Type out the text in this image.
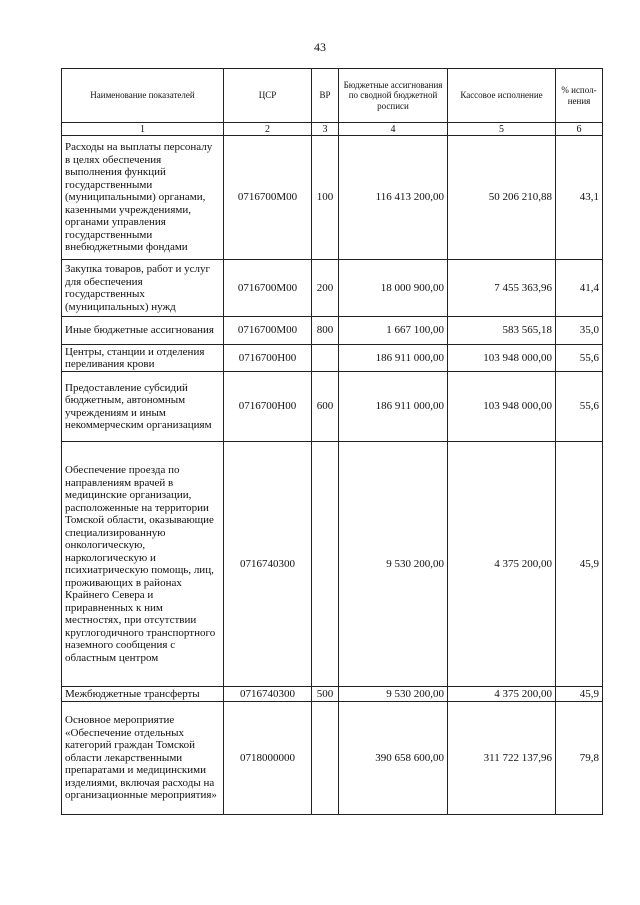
43
Наименование показателей	ЦСР	ВР	Бюджетные ассигнования по сводной бюджетной росписи	Кассовое исполнение	% испол-нения
1	2	3	4	5	6
Расходы на выплаты персоналу в целях обеспечения выполнения функций государственными (муниципальными) органами, казенными учреждениями, органами управления государственными внебюджетными фондами	0716700М00	100	116 413 200,00	50 206 210,88	43,1
Закупка товаров, работ и услуг для обеспечения государственных (муниципальных) нужд	0716700М00	200	18 000 900,00	7 455 363,96	41,4
Иные бюджетные ассигнования	0716700М00	800	1 667 100,00	583 565,18	35,0
Центры, станции и отделения переливания крови	0716700Н00		186 911 000,00	103 948 000,00	55,6
Предоставление субсидий бюджетным, автономным учреждениям и иным некоммерческим организациям	0716700Н00	600	186 911 000,00	103 948 000,00	55,6
Обеспечение проезда по направлениям врачей в медицинские организации, расположенные на территории Томской области, оказывающие специализированную онкологическую, наркологическую и психиатрическую помощь, лиц, проживающих в районах Крайнего Севера и приравненных к ним местностях, при отсутствии круглогодичного транспортного наземного сообщения с областным центром	0716740300		9 530 200,00	4 375 200,00	45,9
Межбюджетные трансферты	0716740300	500	9 530 200,00	4 375 200,00	45,9
Основное мероприятие «Обеспечение отдельных категорий граждан Томской области лекарственными препаратами и медицинскими изделиями, включая расходы на организационные мероприятия»	0718000000		390 658 600,00	311 722 137,96	79,8
